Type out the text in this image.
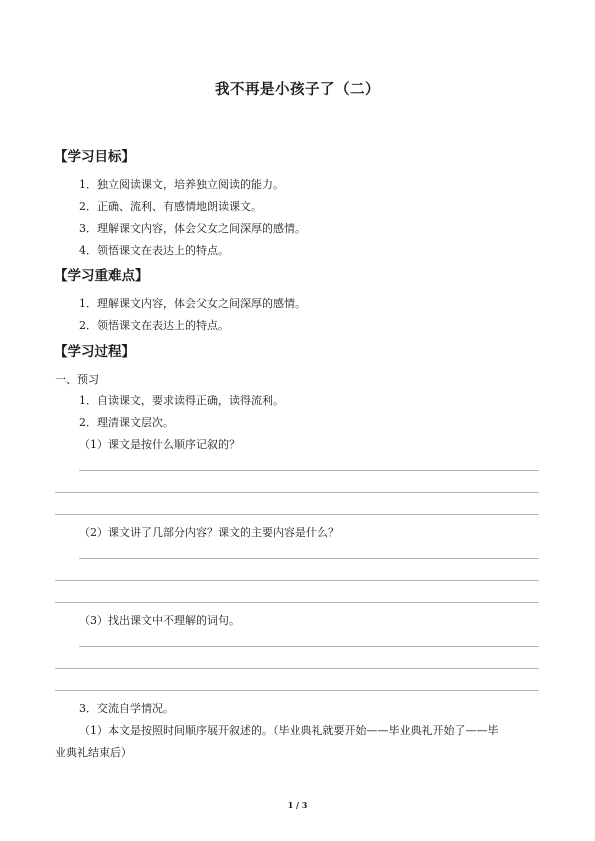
我不再是小孩子了（二）
【学习目标】
1．独立阅读课文，培养独立阅读的能力。
2．正确、流利、有感情地朗读课文。
3．理解课文内容，体会父女之间深厚的感情。
4．领悟课文在表达上的特点。
【学习重难点】
1．理解课文内容，体会父女之间深厚的感情。
2．领悟课文在表达上的特点。
【学习过程】
一、预习
1．自读课文，要求读得正确，读得流利。
2．理清课文层次。
（1）课文是按什么顺序记叙的？
（2）课文讲了几部分内容？课文的主要内容是什么？
（3）找出课文中不理解的词句。
3．交流自学情况。
（1）本文是按照时间顺序展开叙述的。（毕业典礼就要开始——毕业典礼开始了——毕
业典礼结束后）
1 / 3
